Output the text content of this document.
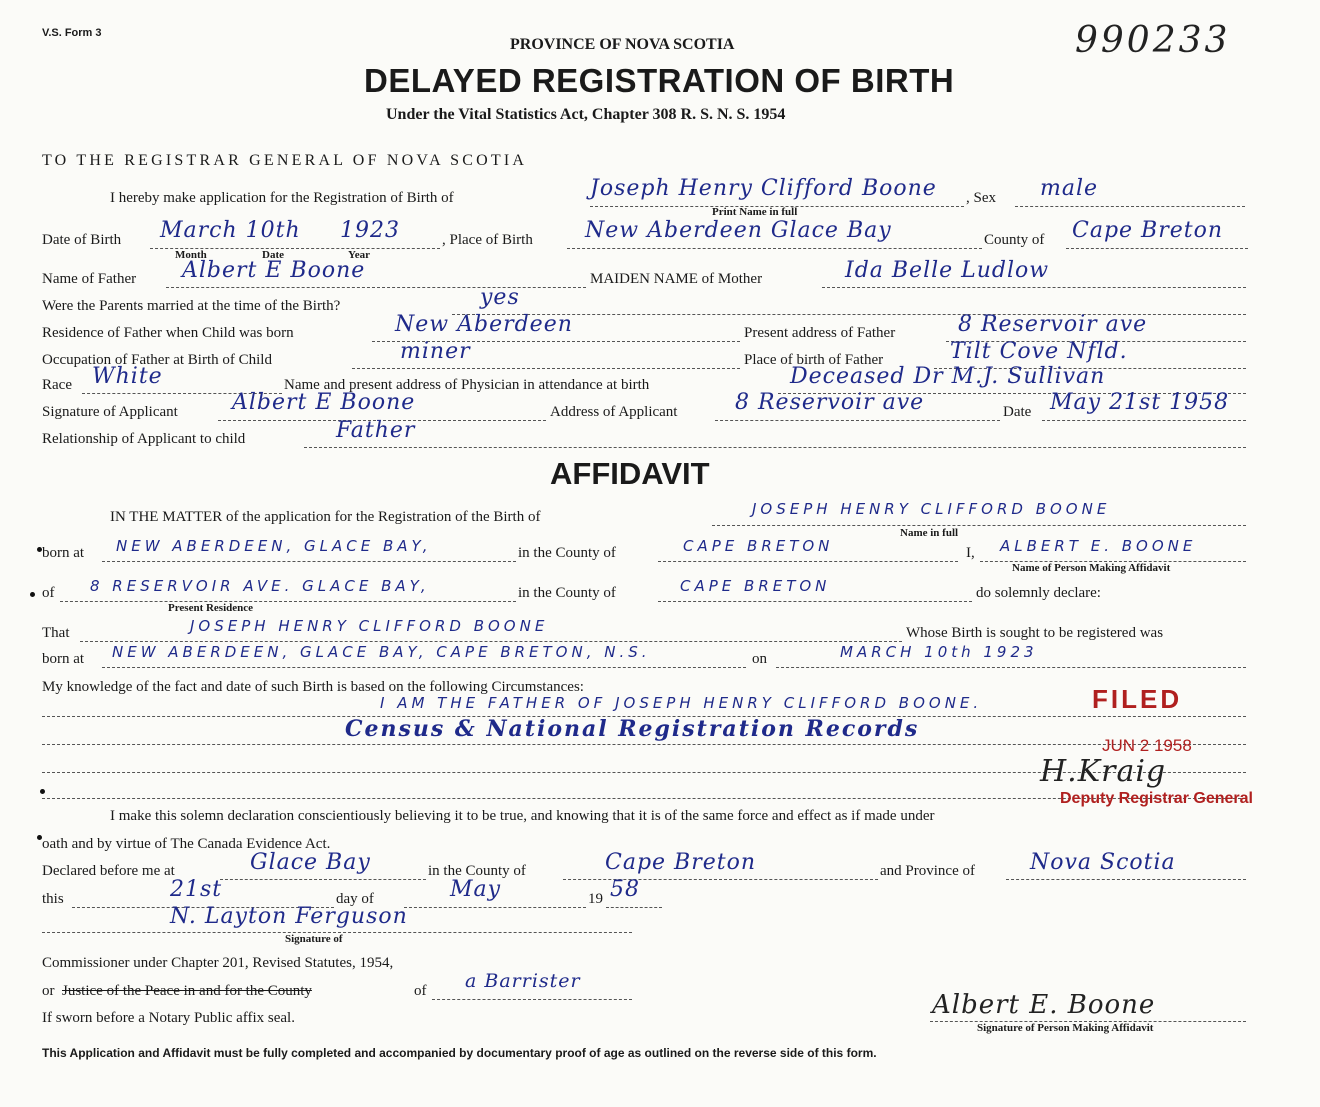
V.S. Form 3	990233
PROVINCE OF NOVA SCOTIA
DELAYED REGISTRATION OF BIRTH
Under the Vital Statistics Act, Chapter 308 R. S. N. S. 1954
TO THE REGISTRAR GENERAL OF NOVA SCOTIA
I hereby make application for the Registration of Birth of	Joseph Henry Clifford Boone
Print Name in full
, Sex male
Date of Birth March 10th 1923
Month	Date	Year
, Place of Birth New Aberdeen Glace Bay	County of Cape Breton
Name of Father Albert E Boone	MAIDEN NAME of Mother	Ida Belle Ludlow
Were the Parents married at the time of the Birth?	yes
Residence of Father when Child was born	New Aberdeen	Present address of Father	8 Reservoir ave
Occupation of Father at Birth of Child	miner	Place of birth of Father	Tilt Cove Nfld.
Race White	Name and present address of Physician in attendance at birth	Deceased Dr M.J. Sullivan
Signature of Applicant Albert E Boone	Address of Applicant	8 Reservoir ave	Date May 21st 1958
Relationship of Applicant to child	Father
AFFIDAVIT
IN THE MATTER of the application for the Registration of the Birth of	JOSEPH HENRY CLIFFORD BOONE
Name in full
born at NEW ABERDEEN, GLACE BAY,	in the County of	CAPE BRETON	I, ALBERT E. BOONE
Name of Person Making Affidavit
of 8 RESERVOIR AVE. GLACE BAY,
Present Residence
in the County of	CAPE BRETON	do solemnly declare:
That	JOSEPH HENRY CLIFFORD BOONE	Whose Birth is sought to be registered was
born at NEW ABERDEEN, GLACE BAY, CAPE BRETON, N.S.	on	MARCH 10th 1923
My knowledge of the fact and date of such Birth is based on the following Circumstances:
I AM THE FATHER OF JOSEPH HENRY CLIFFORD BOONE.
Census & National Registration Records
FILED
JUN 2 1958
H.Kraig
Deputy Registrar General
I make this solemn declaration conscientiously believing it to be true, and knowing that it is of the same force and effect as if made under
oath and by virtue of The Canada Evidence Act.
Declared before me at	Glace Bay	in the County of	Cape Breton	and Province of	Nova Scotia
this	21st	day of	May	19 58
N. Layton Ferguson
Signature of
Commissioner under Chapter 201, Revised Statutes, 1954,
or Justice of the Peace in and for the County	of a Barrister
If sworn before a Notary Public affix seal.	Albert E. Boone
Signature of Person Making Affidavit
This Application and Affidavit must be fully completed and accompanied by documentary proof of age as outlined on the reverse side of this form.
